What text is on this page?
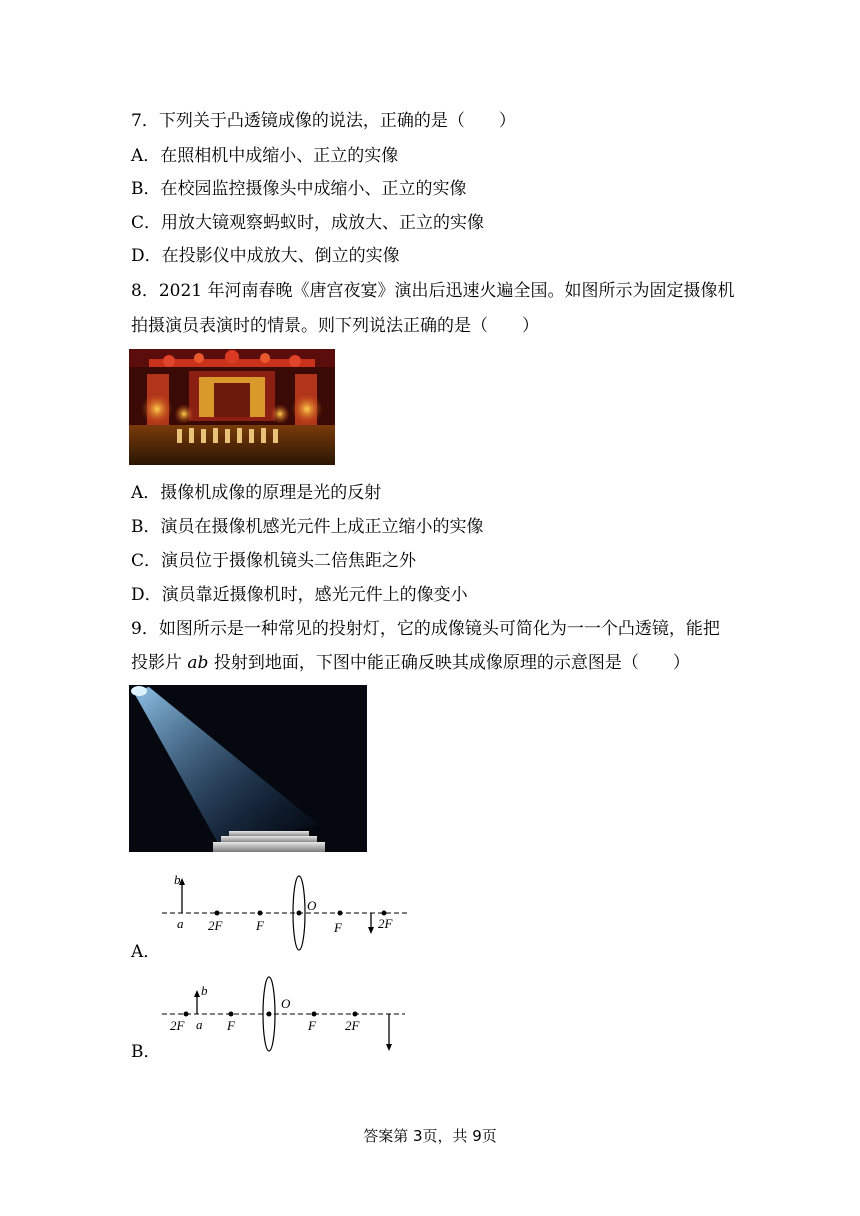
7．下列关于凸透镜成像的说法，正确的是（　　）
A．在照相机中成缩小、正立的实像
B．在校园监控摄像头中成缩小、正立的实像
C．用放大镜观察蚂蚁时，成放大、正立的实像
D．在投影仪中成放大、倒立的实像
8．2021 年河南春晚《唐宫夜宴》演出后迅速火遍全国。如图所示为固定摄像机
拍摄演员表演时的情景。则下列说法正确的是（　　）
A．摄像机成像的原理是光的反射
B．演员在摄像机感光元件上成正立缩小的实像
C．演员位于摄像机镜头二倍焦距之外
D．演员靠近摄像机时，感光元件上的像变小
9．如图所示是一种常见的投射灯，它的成像镜头可简化为一一个凸透镜，能把
投影片 ab 投射到地面，下图中能正确反映其成像原理的示意图是（　　）
b
a 2F	F
O
F	2F
A．
2F
b
a F
O
F 2F
B．
答案第 3页，共 9页
